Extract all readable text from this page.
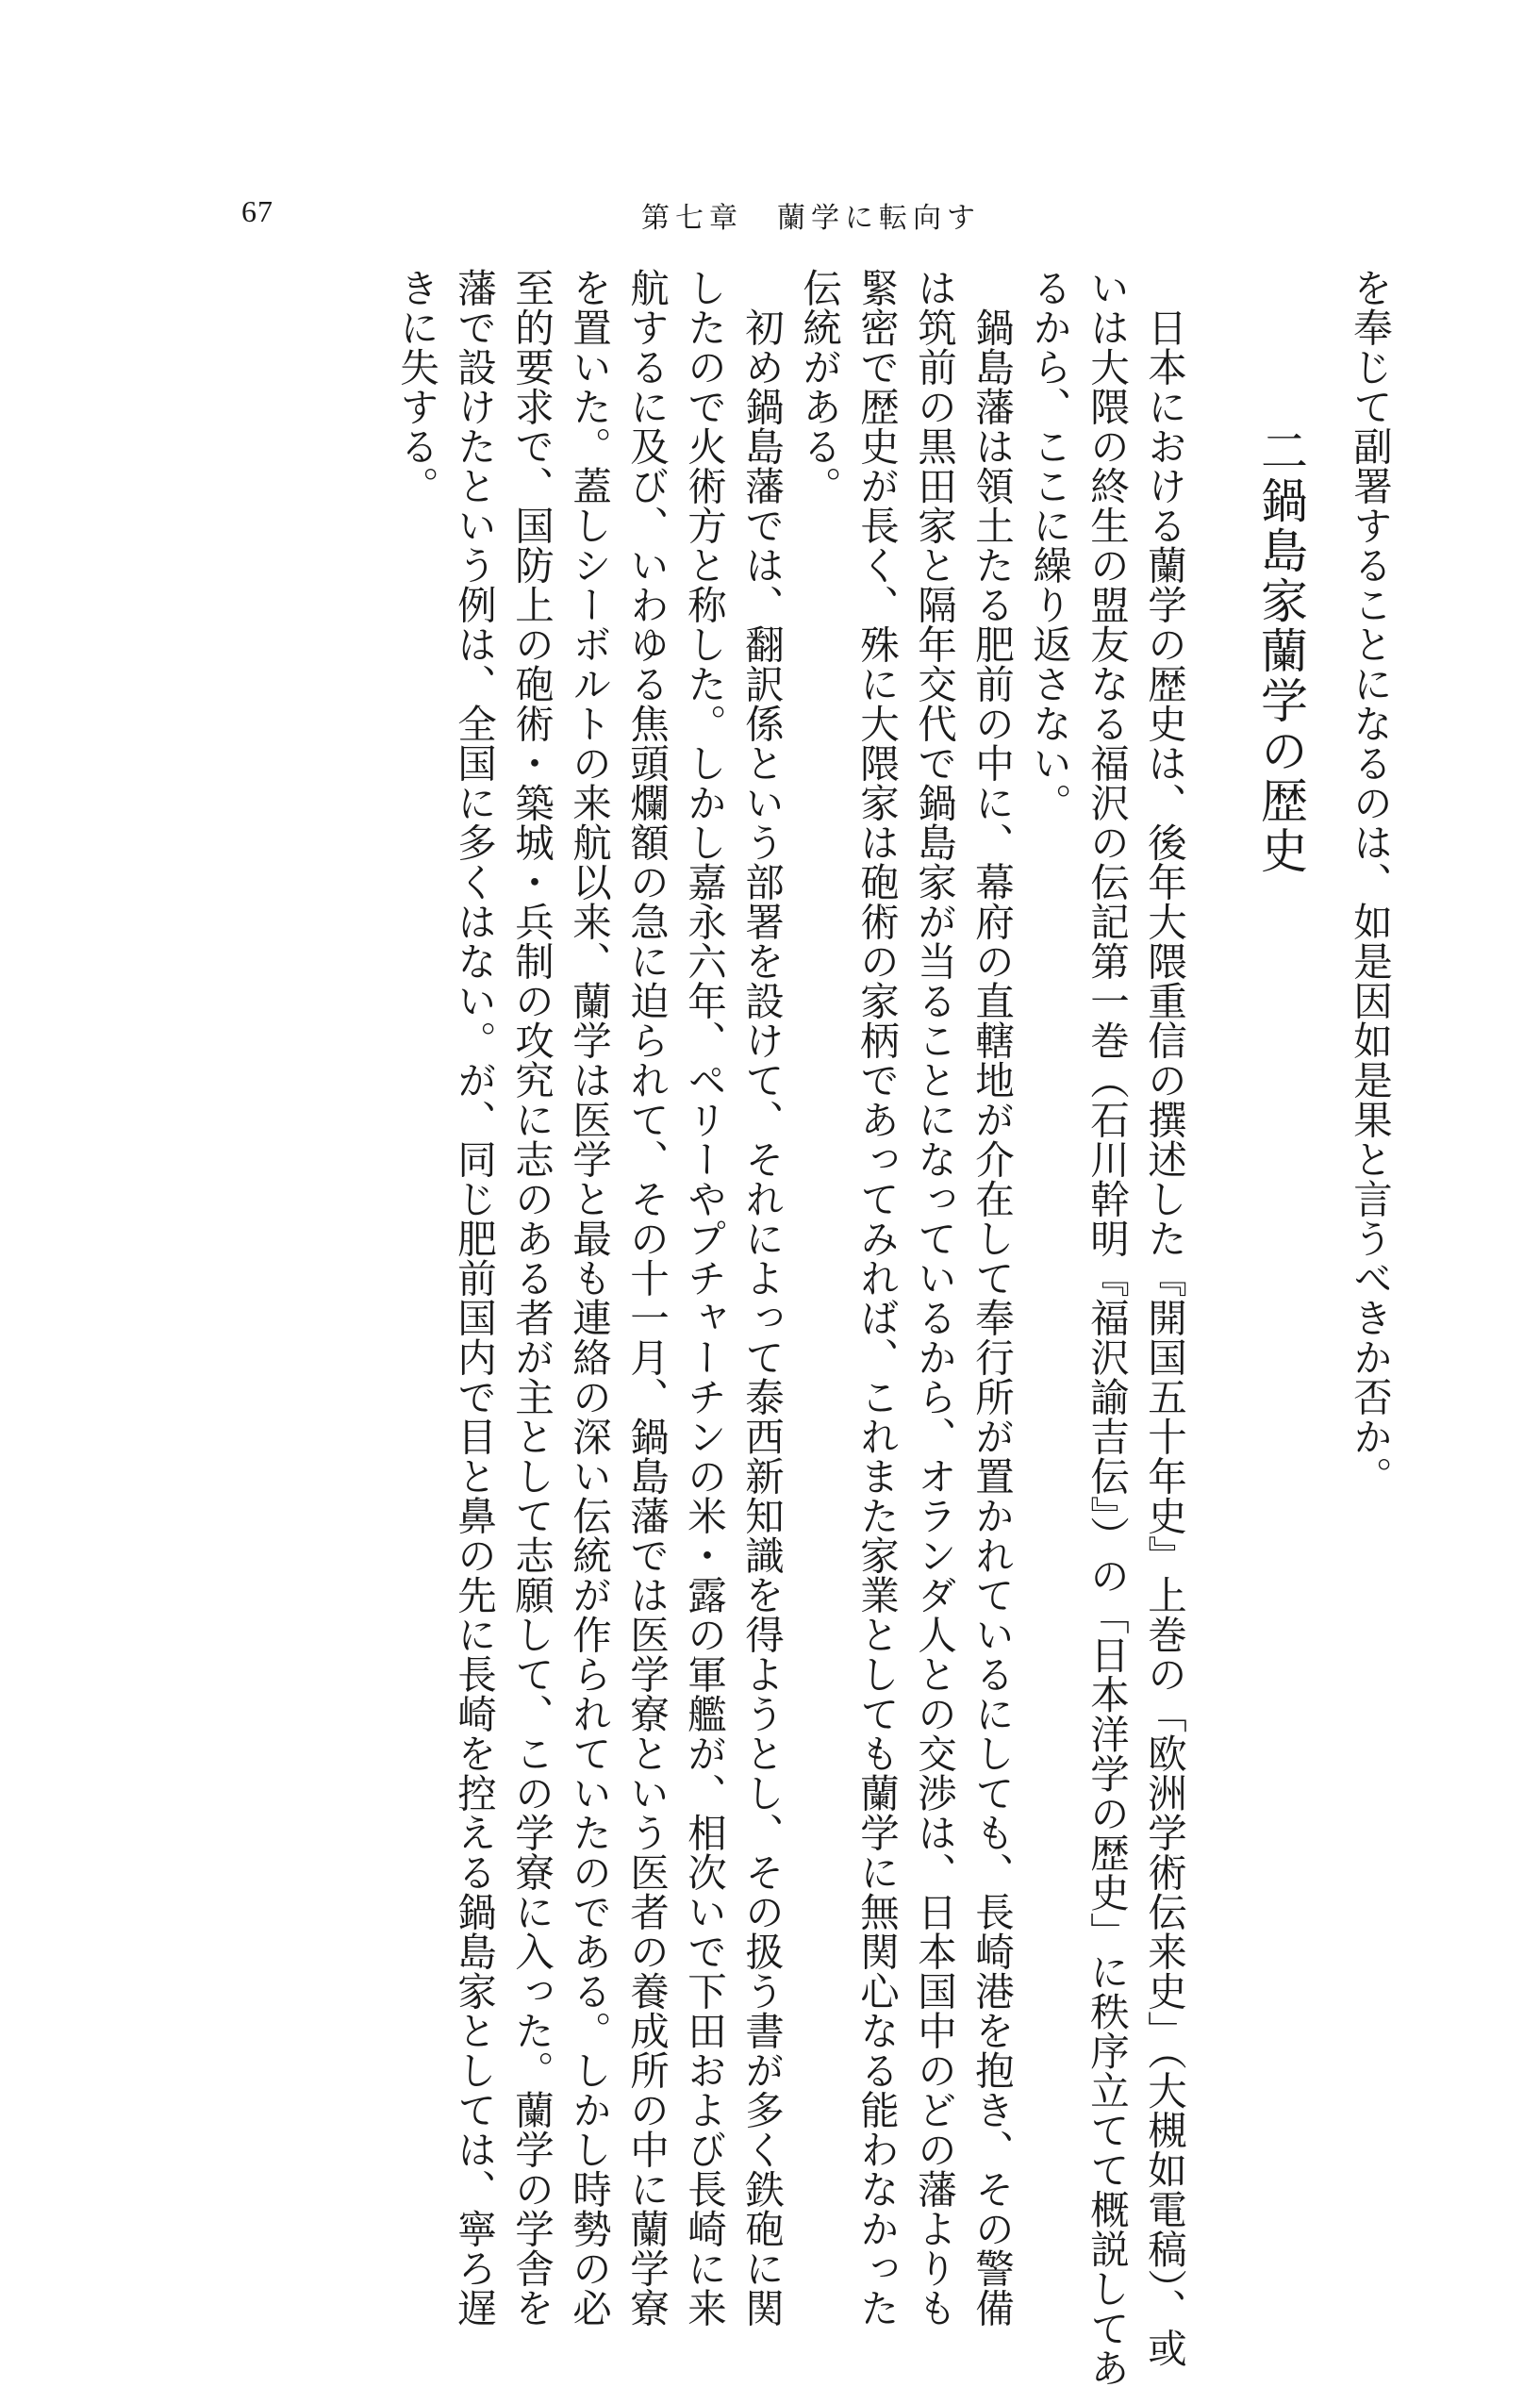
67	第七章　蘭学に転向す
を奉じて副署することになるのは、如是因如是果と言うべきか否か。
二鍋島家蘭学の歴史
日本における蘭学の歴史は、後年大隈重信の撰述した『開国五十年史』上巻の「欧洲学術伝来史」（大槻如電稿）、或
いは大隈の終生の盟友なる福沢の伝記第一巻（石川幹明『福沢諭吉伝』）の「日本洋学の歴史」に秩序立てて概説してあ
るから、ここに繰り返さない。
鍋島藩は領土たる肥前の中に、幕府の直轄地が介在して奉行所が置かれているにしても、長崎港を抱き、その警備
は筑前の黒田家と隔年交代で鍋島家が当ることになっているから、オランダ人との交渉は、日本国中のどの藩よりも
緊密で歴史が長く、殊に大隈家は砲術の家柄であってみれば、これまた家業としても蘭学に無関心なる能わなかった
伝統がある。
初め鍋島藩では、翻訳係という部署を設けて、それによって泰西新知識を得ようとし、その扱う書が多く鉄砲に関
したので火術方と称した。しかし嘉永六年、ペリーやプチャーチンの米・露の軍艦が、相次いで下田および長崎に来
航するに及び、いわゆる焦頭爛額の急に迫られて、その十一月、鍋島藩では医学寮という医者の養成所の中に蘭学寮
を置いた。蓋しシーボルトの来航以来、蘭学は医学と最も連絡の深い伝統が作られていたのである。しかし時勢の必
至的要求で、国防上の砲術・築城・兵制の攻究に志のある者が主として志願して、この学寮に入った。蘭学の学舎を
藩で設けたという例は、全国に多くはない。が、同じ肥前国内で目と鼻の先に長崎を控える鍋島家としては、寧ろ遅
きに失する。
